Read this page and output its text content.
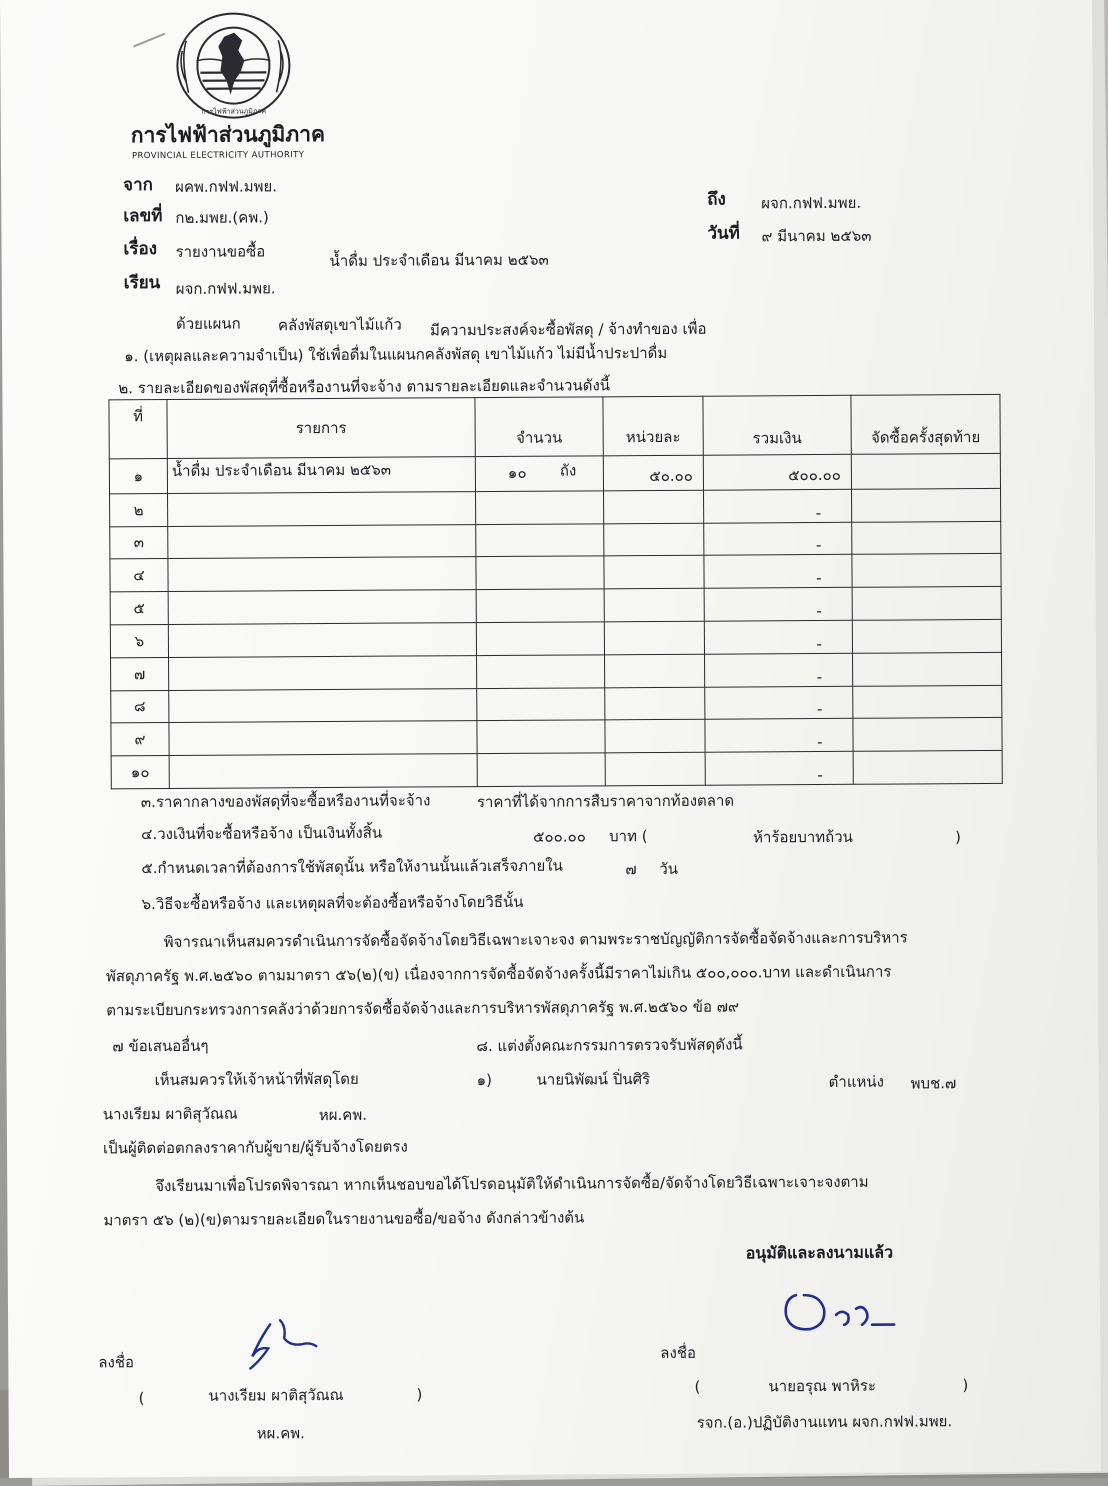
การไฟฟ้าส่วนภูมิภาค
การไฟฟ้าส่วนภูมิภาค
PROVINCIAL ELECTRICITY AUTHORITY
จาก ผคพ.กฟฟ.มพย.
ถึง ผจก.กฟฟ.มพย.
เลขที่ ก๒.มพย.(คพ.)
วันที่ ๙ มีนาคม ๒๕๖๓
เรื่อง รายงานขอซื้อ	น้ำดื่ม ประจำเดือน มีนาคม ๒๕๖๓
เรียน ผจก.กฟฟ.มพย.
ด้วยแผนก คลังพัสดุเขาไม้แก้ว มีความประสงค์จะซื้อพัสดุ / จ้างทำของ เพื่อ
๑. (เหตุผลและความจำเป็น) ใช้เพื่อดื่มในแผนกคลังพัสดุ เขาไม้แก้ว ไม่มีน้ำประปาดื่ม
๒. รายละเอียดของพัสดุที่ซื้อหรืองานที่จะจ้าง ตามรายละเอียดและจำนวนดังนี้
ที่	รายการ	จำนวน	หน่วยละ	รวมเงิน	จัดซื้อครั้งสุดท้าย
๑	น้ำดื่ม ประจำเดือน มีนาคม ๒๕๖๓	๑๐ ถัง	๕๐.๐๐	๕๐๐.๐๐	
๒				-	
๓				-	
๔				-	
๕				-	
๖				-	
๗				-	
๘				-	
๙				-	
๑๐				-	
๓.ราคากลางของพัสดุที่จะซื้อหรืองานที่จะจ้าง	ราคาที่ได้จากการสืบราคาจากท้องตลาด
๔.วงเงินที่จะซื้อหรือจ้าง เป็นเงินทั้งสิ้น	๕๐๐.๐๐ บาท (	ห้าร้อยบาทถ้วน	)
๕.กำหนดเวลาที่ต้องการใช้พัสดุนั้น หรือให้งานนั้นแล้วเสร็จภายใน	๗ วัน
๖.วิธีจะซื้อหรือจ้าง และเหตุผลที่จะต้องซื้อหรือจ้างโดยวิธีนั้น
พิจารณาเห็นสมควรดำเนินการจัดซื้อจัดจ้างโดยวิธีเฉพาะเจาะจง ตามพระราชบัญญัติการจัดซื้อจัดจ้างและการบริหาร
พัสดุภาครัฐ พ.ศ.๒๕๖๐ ตามมาตรา ๕๖(๒)(ข) เนื่องจากการจัดซื้อจัดจ้างครั้งนี้มีราคาไม่เกิน ๕๐๐,๐๐๐.บาท และดำเนินการ
ตามระเบียบกระทรวงการคลังว่าด้วยการจัดซื้อจัดจ้างและการบริหารพัสดุภาครัฐ พ.ศ.๒๕๖๐ ข้อ ๗๙
๗ ข้อเสนออื่นๆ	๘. แต่งตั้งคณะกรรมการตรวจรับพัสดุดังนี้
เห็นสมควรให้เจ้าหน้าที่พัสดุโดย	๑)	นายนิพัฒน์ ปิ่นศิริ	ตำแหน่ง พบช.๗
นางเรียม ผาติสุวัณณ	หผ.คพ.
เป็นผู้ติดต่อตกลงราคากับผู้ขาย/ผู้รับจ้างโดยตรง
จึงเรียนมาเพื่อโปรดพิจารณา หากเห็นชอบขอได้โปรดอนุมัติให้ดำเนินการจัดซื้อ/จัดจ้างโดยวิธีเฉพาะเจาะจงตาม
มาตรา ๕๖ (๒)(ข)ตามรายละเอียดในรายงานขอซื้อ/ขอจ้าง ดังกล่าวข้างต้น
อนุมัติและลงนามแล้ว
ลงชื่อ
(	นางเรียม ผาติสุวัณณ	)
หผ.คพ.
ลงชื่อ
(	นายอรุณ พาหิระ	)
รจก.(อ.)ปฏิบัติงานแทน ผจก.กฟฟ.มพย.
